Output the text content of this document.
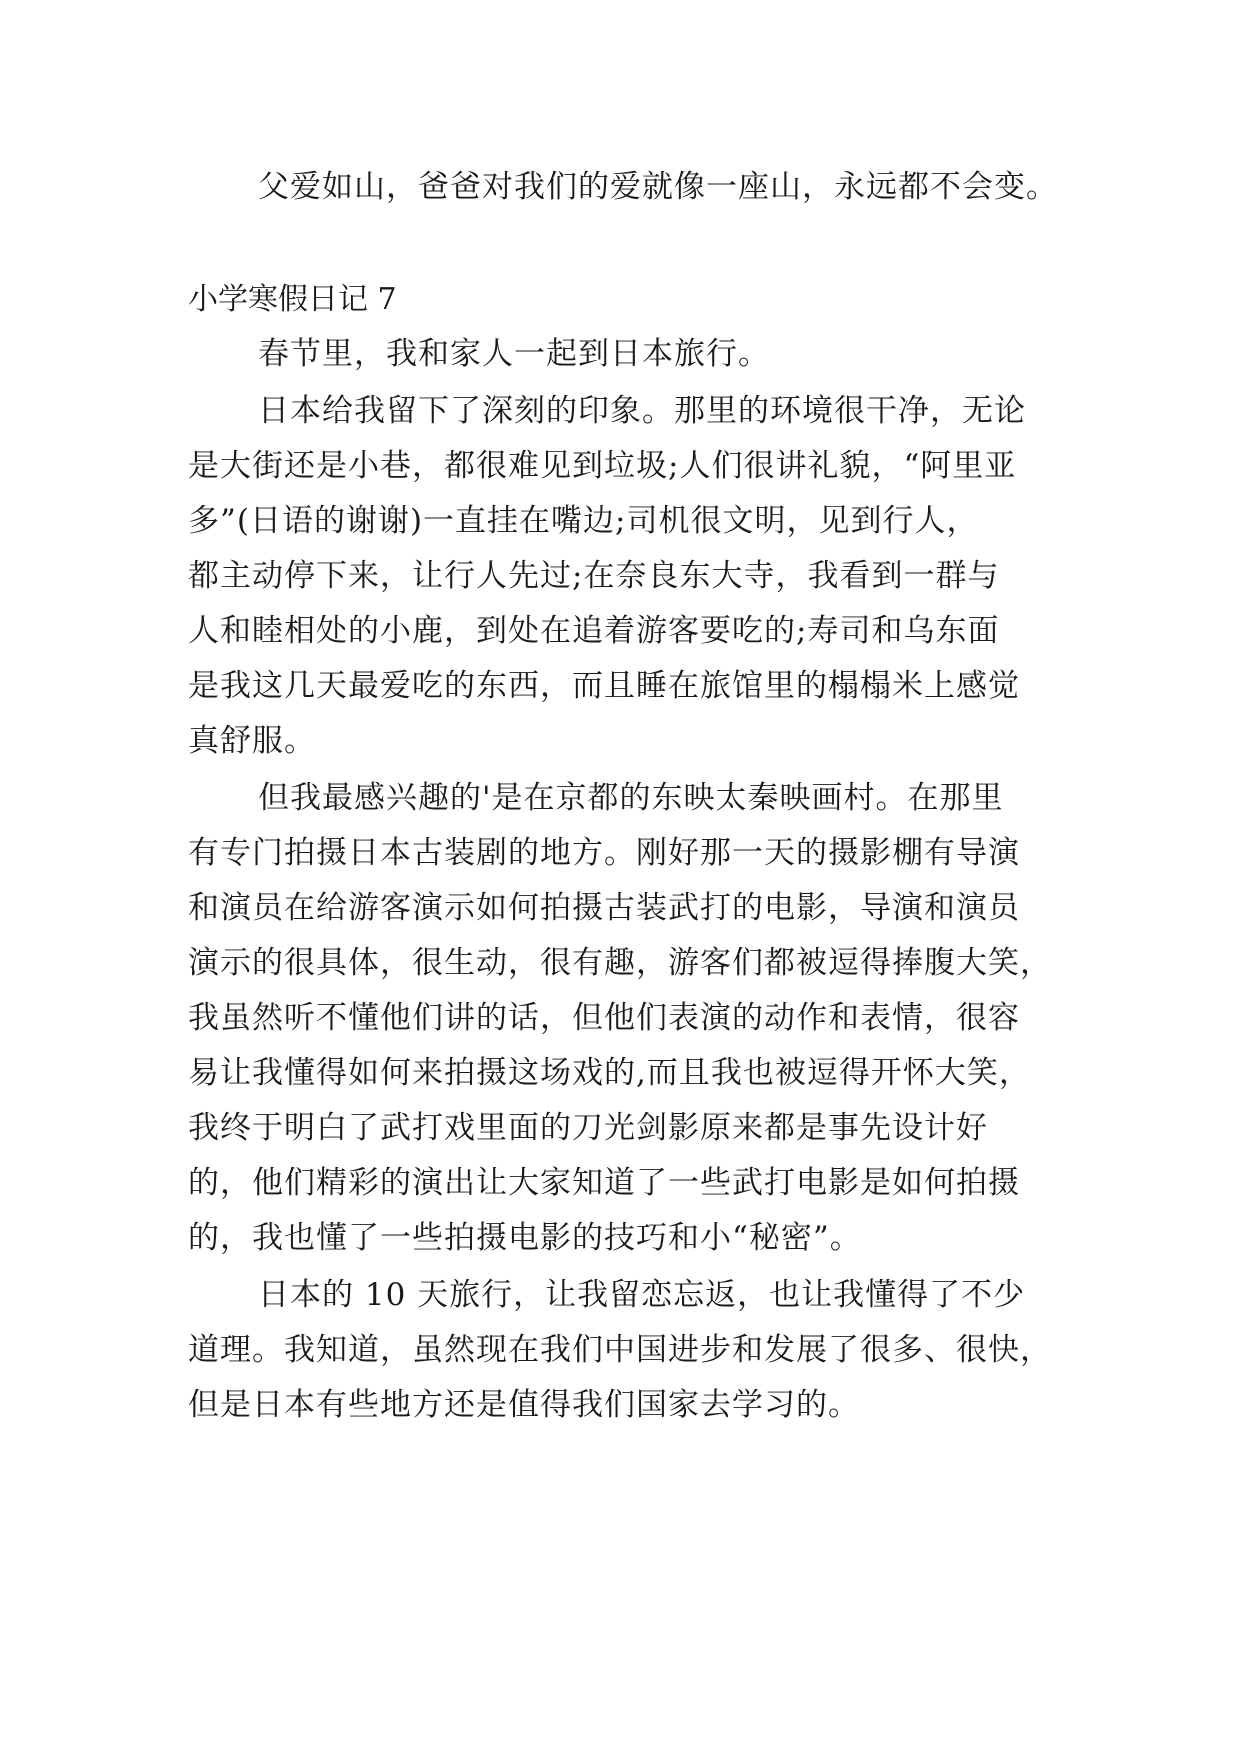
父爱如山，爸爸对我们的爱就像一座山，永远都不会变。
小学寒假日记 7
春节里，我和家人一起到日本旅行。
日本给我留下了深刻的印象。那里的环境很干净，无论
是大街还是小巷，都很难见到垃圾;人们很讲礼貌，“阿里亚
多”(日语的谢谢)一直挂在嘴边;司机很文明，见到行人，
都主动停下来，让行人先过;在奈良东大寺，我看到一群与
人和睦相处的小鹿，到处在追着游客要吃的;寿司和乌东面
是我这几天最爱吃的东西，而且睡在旅馆里的榻榻米上感觉
真舒服。
但我最感兴趣的'是在京都的东映太秦映画村。在那里
有专门拍摄日本古装剧的地方。刚好那一天的摄影棚有导演
和演员在给游客演示如何拍摄古装武打的电影，导演和演员
演示的很具体，很生动，很有趣，游客们都被逗得捧腹大笑，
我虽然听不懂他们讲的话，但他们表演的动作和表情，很容
易让我懂得如何来拍摄这场戏的,而且我也被逗得开怀大笑，
我终于明白了武打戏里面的刀光剑影原来都是事先设计好
的，他们精彩的演出让大家知道了一些武打电影是如何拍摄
的，我也懂了一些拍摄电影的技巧和小“秘密”。
日本的 10 天旅行，让我留恋忘返，也让我懂得了不少
道理。我知道，虽然现在我们中国进步和发展了很多、很快，
但是日本有些地方还是值得我们国家去学习的。
